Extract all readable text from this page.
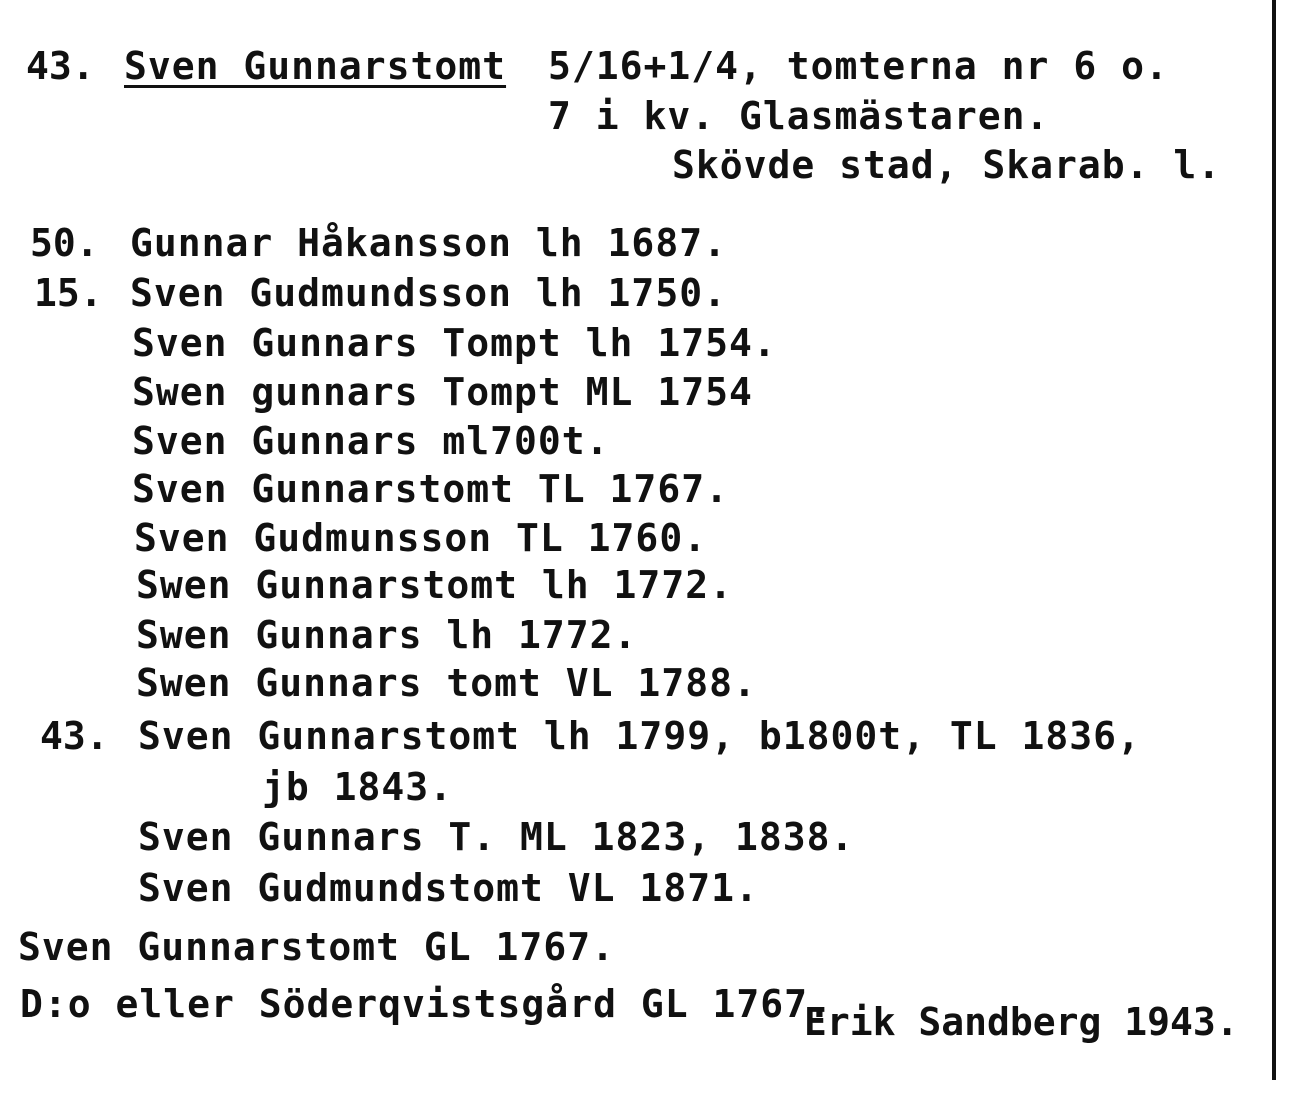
43. Sven Gunnarstomt 5/16+1/4, tomterna nr 6 o.
7 i kv. Glasmästaren.
Skövde stad, Skarab. l.
50. Gunnar Håkansson lh 1687.
15. Sven Gudmundsson lh 1750.
Sven Gunnars Tompt lh 1754.
Swen gunnars Tompt ML 1754
Sven Gunnars ml700t.
Sven Gunnarstomt TL 1767.
Sven Gudmunsson TL 1760.
Swen Gunnarstomt lh 1772.
Swen Gunnars lh 1772.
Swen Gunnars tomt VL 1788.
43. Sven Gunnarstomt lh 1799, b1800t, TL 1836,
jb 1843.
Sven Gunnars T. ML 1823, 1838.
Sven Gudmundstomt VL 1871.
Sven Gunnarstomt GL 1767.
D:o eller Söderqvistsgård GL 1767.
Erik Sandberg 1943.
